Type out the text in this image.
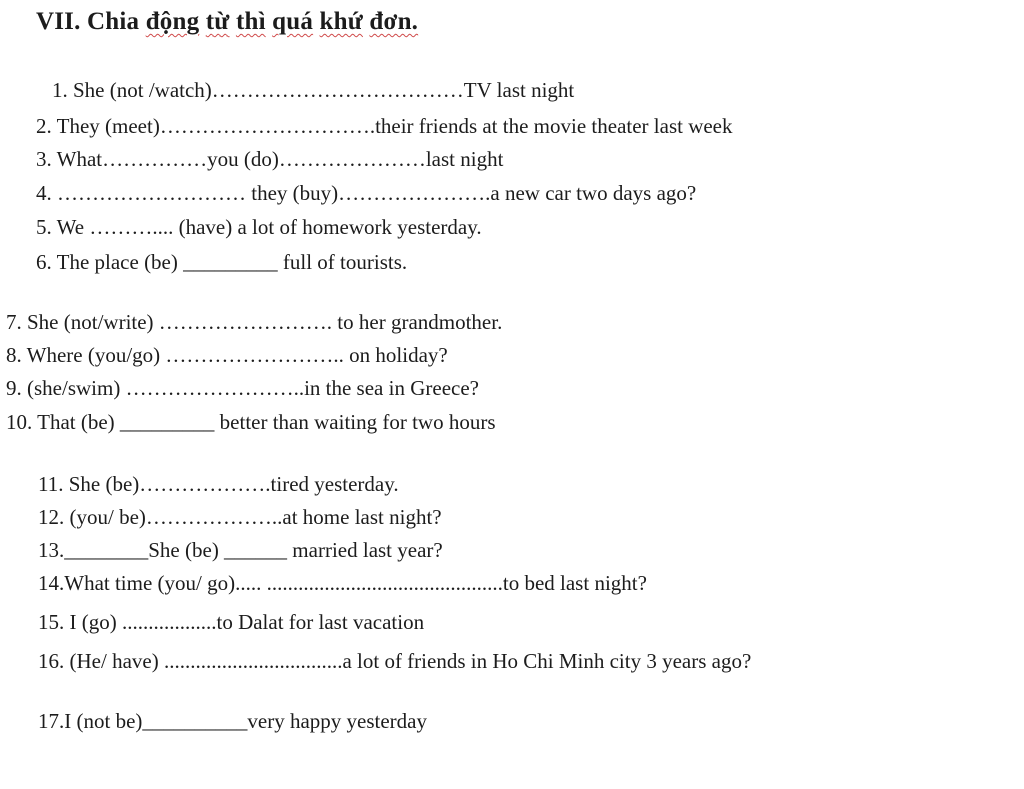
VII. Chia động từ thì quá khứ đơn.
1. She (not /watch)………………………………TV last night
2. They (meet)………………………….their friends at the movie theater last week
3. What……………you (do)…………………last night
4. ……………………… they (buy)………………….a new car two days ago?
5. We ……….... (have) a lot of homework yesterday.
6. The place (be) _________ full of tourists.
7. She (not/write) ……………………. to her grandmother.
8. Where (you/go) …………………….. on holiday?
9. (she/swim) ……………………..in the sea in Greece?
10. That (be) _________ better than waiting for two hours
11. She (be)……………….tired yesterday.
12. (you/ be)………………..at home last night?
13.________She (be) ______ married last year?
14.What time (you/ go)..... .............................................to bed last night?
15. I (go) ..................to Dalat for last vacation
16. (He/ have) ..................................a lot of friends in Ho Chi Minh city 3 years ago?
17.I (not be)__________very happy yesterday
